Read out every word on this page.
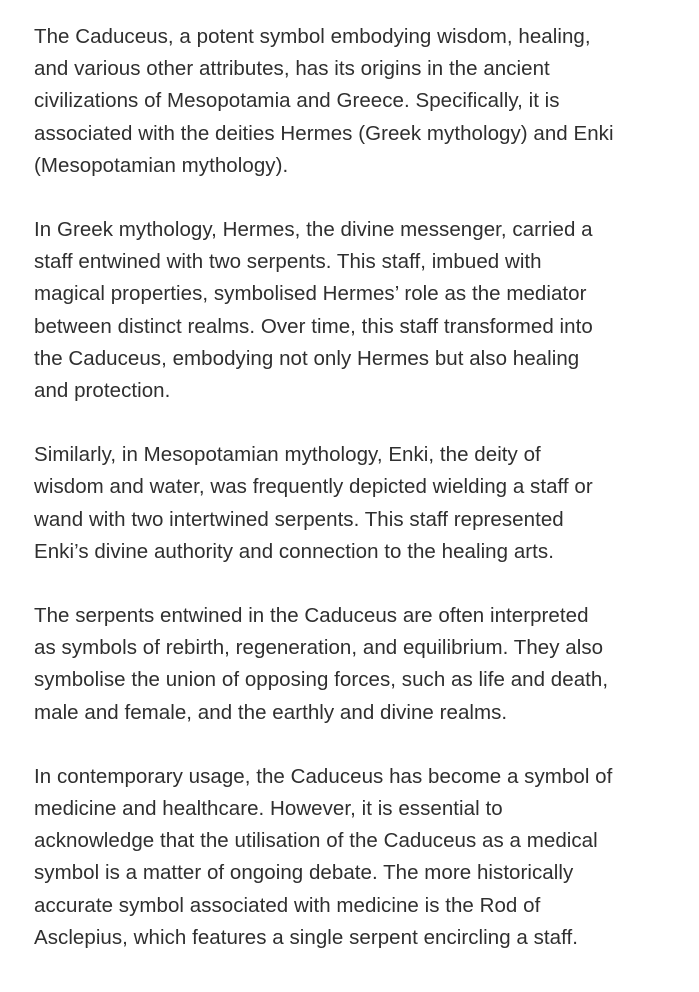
The Caduceus, a potent symbol embodying wisdom, healing,
and various other attributes, has its origins in the ancient
civilizations of Mesopotamia and Greece. Specifically, it is
associated with the deities Hermes (Greek mythology) and Enki
(Mesopotamian mythology).

In Greek mythology, Hermes, the divine messenger, carried a
staff entwined with two serpents. This staff, imbued with
magical properties, symbolised Hermes’ role as the mediator
between distinct realms. Over time, this staff transformed into
the Caduceus, embodying not only Hermes but also healing
and protection.

Similarly, in Mesopotamian mythology, Enki, the deity of
wisdom and water, was frequently depicted wielding a staff or
wand with two intertwined serpents. This staff represented
Enki’s divine authority and connection to the healing arts.

The serpents entwined in the Caduceus are often interpreted
as symbols of rebirth, regeneration, and equilibrium. They also
symbolise the union of opposing forces, such as life and death,
male and female, and the earthly and divine realms.

In contemporary usage, the Caduceus has become a symbol of
medicine and healthcare. However, it is essential to
acknowledge that the utilisation of the Caduceus as a medical
symbol is a matter of ongoing debate. The more historically
accurate symbol associated with medicine is the Rod of
Asclepius, which features a single serpent encircling a staff.
